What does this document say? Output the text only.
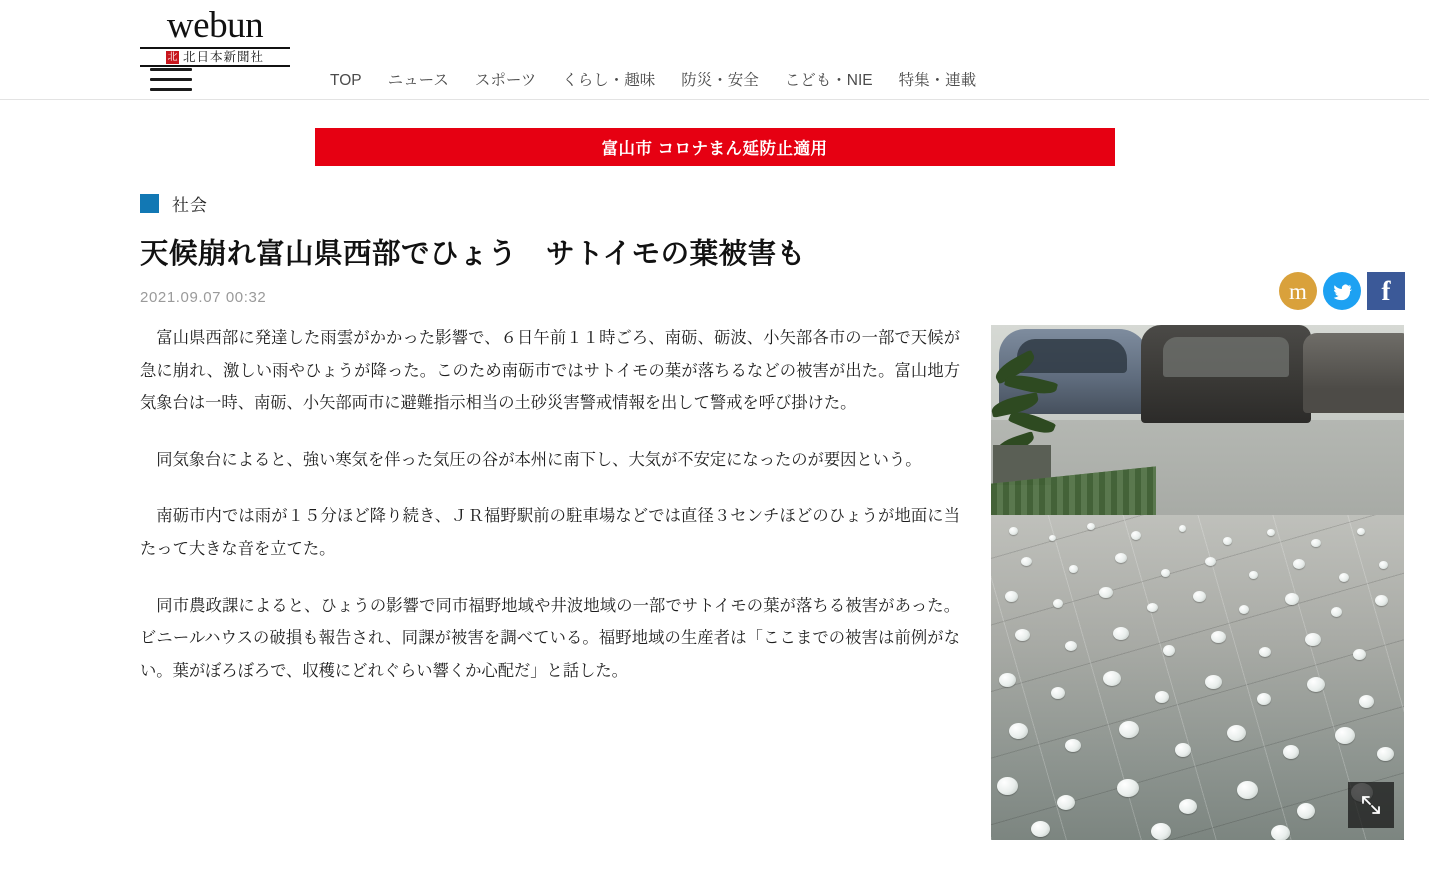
webun
北 北日本新聞社
TOP	ニュース	スポーツ	くらし・趣味	防災・安全	こども・NIE	特集・連載
富山市 コロナまん延防止適用
社会
天候崩れ富山県西部でひょう　サトイモの葉被害も
2021.09.07 00:32

富山県西部に発達した雨雲がかかった影響で、６日午前１１時ごろ、南砺、砺波、小矢部各市の一部で天候が急に崩れ、激しい雨やひょうが降った。このため南砺市ではサトイモの葉が落ちるなどの被害が出た。富山地方気象台は一時、南砺、小矢部両市に避難指示相当の土砂災害警戒情報を出して警戒を呼び掛けた。

同気象台によると、強い寒気を伴った気圧の谷が本州に南下し、大気が不安定になったのが要因という。

南砺市内では雨が１５分ほど降り続き、ＪＲ福野駅前の駐車場などでは直径３センチほどのひょうが地面に当たって大きな音を立てた。

同市農政課によると、ひょうの影響で同市福野地域や井波地域の一部でサトイモの葉が落ちる被害があった。ビニールハウスの破損も報告され、同課が被害を調べている。福野地域の生産者は「ここまでの被害は前例がない。葉がぼろぼろで、収穫にどれぐらい響くか心配だ」と話した。

m	f
